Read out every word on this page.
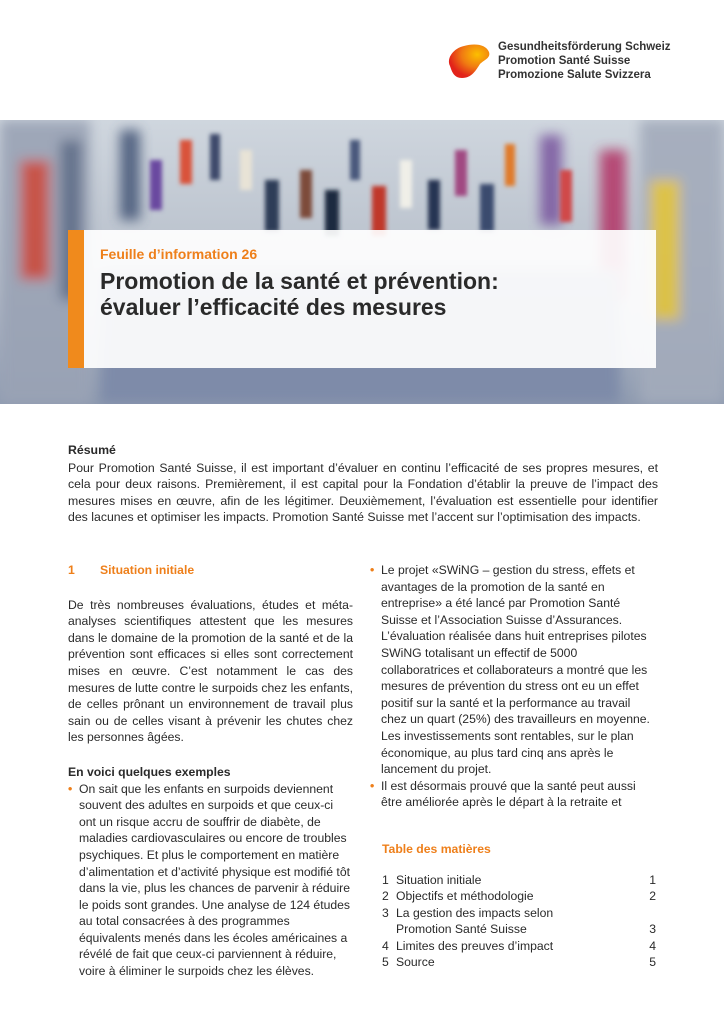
Gesundheitsförderung Schweiz
Promotion Santé Suisse
Promozione Salute Svizzera
Feuille d’information 26
Promotion de la santé et prévention:
évaluer l’efficacité des mesures
Résumé
Pour Promotion Santé Suisse, il est important d’évaluer en continu l’efficacité de ses propres mesures, et cela pour deux raisons. Premièrement, il est capital pour la Fondation d’établir la preuve de l’impact des mesures mises en œuvre, afin de les légitimer. Deuxièmement, l’évaluation est essentielle pour identifier des lacunes et optimiser les impacts. Promotion Santé Suisse met l’accent sur l’optimisation des impacts.
1	Situation initiale
De très nombreuses évaluations, études et méta-analyses scientifiques attestent que les mesures dans le domaine de la promotion de la santé et de la prévention sont efficaces si elles sont correctement mises en œuvre. C’est notamment le cas des mesures de lutte contre le surpoids chez les enfants, de celles prônant un environnement de travail plus sain ou de celles visant à prévenir les chutes chez les personnes âgées.
En voici quelques exemples
• On sait que les enfants en surpoids deviennent souvent des adultes en surpoids et que ceux-ci ont un risque accru de souffrir de diabète, de maladies cardiovasculaires ou encore de troubles psychiques. Et plus le comportement en matière d’alimentation et d’activité physique est modifié tôt dans la vie, plus les chances de parvenir à réduire le poids sont grandes. Une analyse de 124 études au total consacrées à des programmes équivalents menés dans les écoles américaines a révélé de fait que ceux-ci parviennent à réduire, voire à éliminer le surpoids chez les élèves.
• Le projet «SWiNG – gestion du stress, effets et avantages de la promotion de la santé en entreprise» a été lancé par Promotion Santé Suisse et l’Association Suisse d’Assurances. L’évaluation réalisée dans huit entreprises pilotes SWiNG totalisant un effectif de 5000 collaboratrices et collaborateurs a montré que les mesures de prévention du stress ont eu un effet positif sur la santé et la performance au travail chez un quart (25%) des travailleurs en moyenne. Les investissements sont rentables, sur le plan économique, au plus tard cinq ans après le lancement du projet.
• Il est désormais prouvé que la santé peut aussi être améliorée après le départ à la retraite et
Table des matières
1 Situation initiale	1
2 Objectifs et méthodologie	2
3 La gestion des impacts selon
Promotion Santé Suisse	3
4 Limites des preuves d’impact	4
5 Source	5
